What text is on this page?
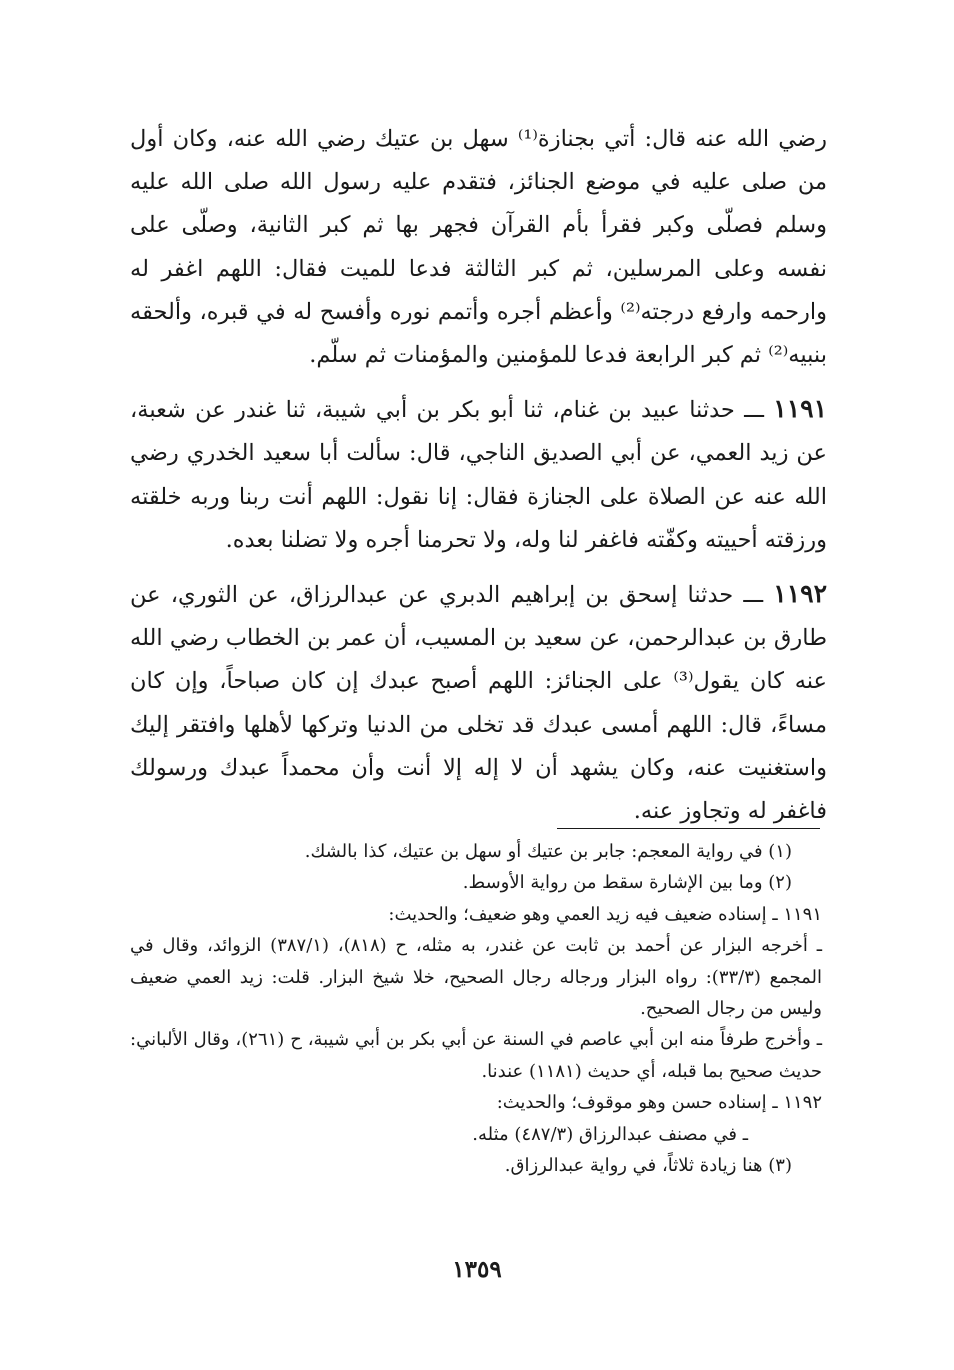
رضي الله عنه قال: أتي بجنازة⁽¹⁾ سهل بن عتيك رضي الله عنه، وكان أول من صلى عليه في موضع الجنائز، فتقدم عليه رسول الله صلى الله عليه وسلم فصلّى وكبر فقرأ بأم القرآن فجهر بها ثم كبر الثانية، وصلّى على نفسه وعلى المرسلين، ثم كبر الثالثة فدعا للميت فقال: اللهم اغفر له وارحمه وارفع درجته⁽²⁾ وأعظم أجره وأتمم نوره وأفسح له في قبره، وألحقه بنبيه⁽²⁾ ثم كبر الرابعة فدعا للمؤمنين والمؤمنات ثم سلّم.

١١٩١ ـــ حدثنا عبيد بن غنام، ثنا أبو بكر بن أبي شيبة، ثنا غندر عن شعبة، عن زيد العمي، عن أبي الصديق الناجي، قال: سألت أبا سعيد الخدري رضي الله عنه عن الصلاة على الجنازة فقال: إنا نقول: اللهم أنت ربنا وربه خلقته ورزقته أحييته وكفّته فاغفر لنا وله، ولا تحرمنا أجره ولا تضلنا بعده.

١١٩٢ ـــ حدثنا إسحق بن إبراهيم الدبري عن عبدالرزاق، عن الثوري، عن طارق بن عبدالرحمن، عن سعيد بن المسيب، أن عمر بن الخطاب رضي الله عنه كان يقول⁽³⁾ على الجنائز: اللهم أصبح عبدك إن كان صباحاً، وإن كان مساءً، قال: اللهم أمسى عبدك قد تخلى من الدنيا وتركها لأهلها وافتقر إليك واستغنيت عنه، وكان يشهد أن لا إله إلا أنت وأن محمداً عبدك ورسولك فاغفر له وتجاوز عنه.

(١) في رواية المعجم: جابر بن عتيك أو سهل بن عتيك، كذا بالشك.

(٢) وما بين الإشارة سقط من رواية الأوسط.

١١٩١ ـ إسناده ضعيف فيه زيد العمي وهو ضعيف؛ والحديث:

ـ أخرجه البزار عن أحمد بن ثابت عن غندر، به مثله، ح (٨١٨)، (٣٨٧/١) الزوائد، وقال في المجمع (٣٣/٣): رواه البزار ورجاله رجال الصحيح، خلا شيخ البزار. قلت: زيد العمي ضعيف وليس من رجال الصحيح.

ـ وأخرج طرفاً منه ابن أبي عاصم في السنة عن أبي بكر بن أبي شيبة، ح (٢٦١)، وقال الألباني: حديث صحيح بما قبله، أي حديث (١١٨١) عندنا.

١١٩٢ ـ إسناده حسن وهو موقوف؛ والحديث:

ـ في مصنف عبدالرزاق (٤٨٧/٣) مثله.

(٣) هنا زيادة ثلاثاً، في رواية عبدالرزاق.

١٣٥٩
